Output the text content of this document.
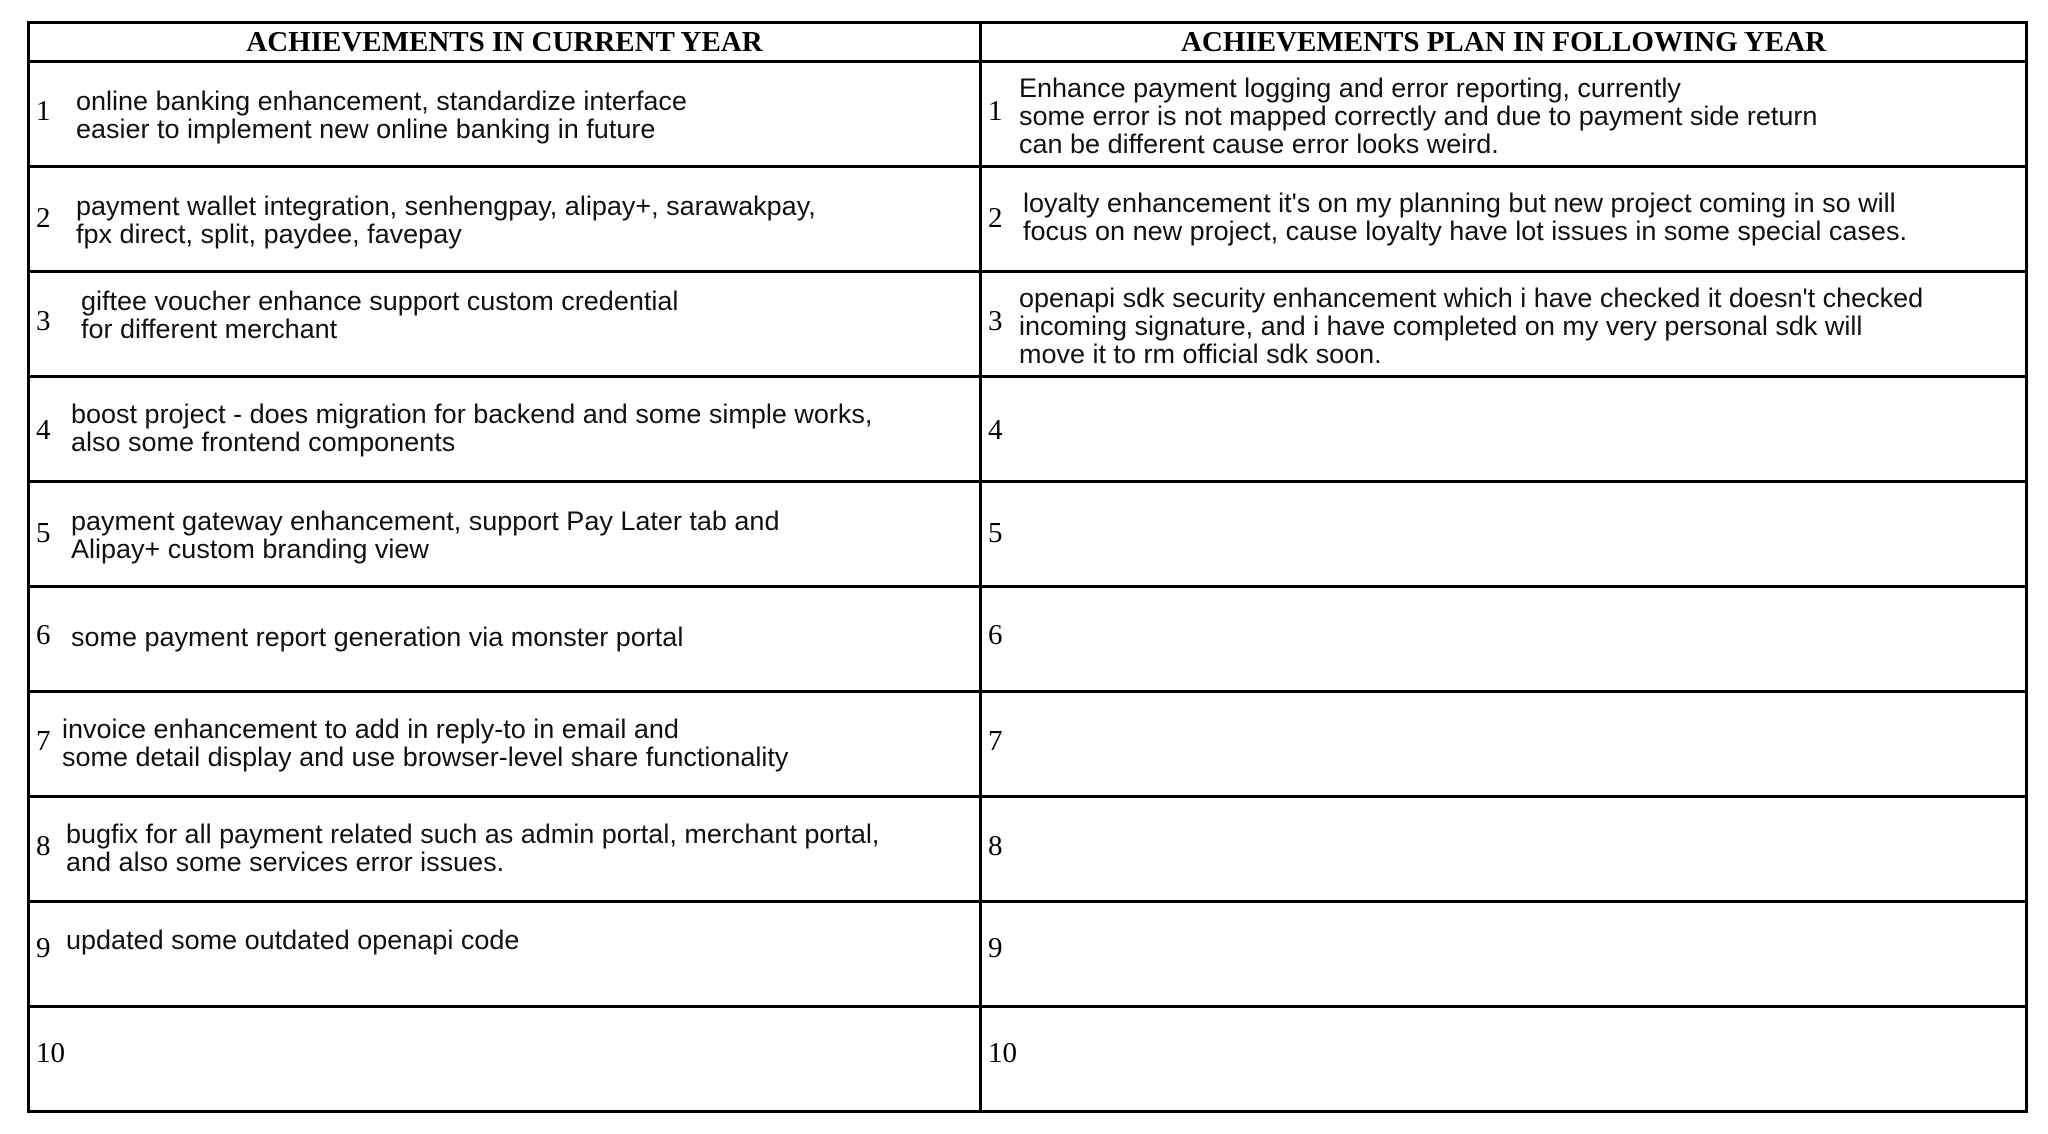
ACHIEVEMENTS IN CURRENT YEAR	ACHIEVEMENTS PLAN IN FOLLOWING YEAR

1 online banking enhancement, standardize interface
easier to implement new online banking in future	1
Enhance payment logging and error reporting, currently
some error is not mapped correctly and due to payment side return
can be different cause error looks weird.

2 payment wallet integration, senhengpay, alipay+, sarawakpay,
fpx direct, split, paydee, favepay	2 loyalty enhancement it's on my planning but new project coming in so will
focus on new project, cause loyalty have lot issues in some special cases.

3
giftee voucher enhance support custom credential
for different merchant	3
openapi sdk security enhancement which i have checked it doesn't checked
incoming signature, and i have completed on my very personal sdk will
move it to rm official sdk soon.

4 boost project - does migration for backend and some simple works,
also some frontend components	4

5 payment gateway enhancement, support Pay Later tab and
Alipay+ custom branding view	5

6 some payment report generation via monster portal	6

7 invoice enhancement to add in reply-to in email and
some detail display and use browser-level share functionality	7

8 bugfix for all payment related such as admin portal, merchant portal,
and also some services error issues.	8

9 updated some outdated openapi code	9

10	10
